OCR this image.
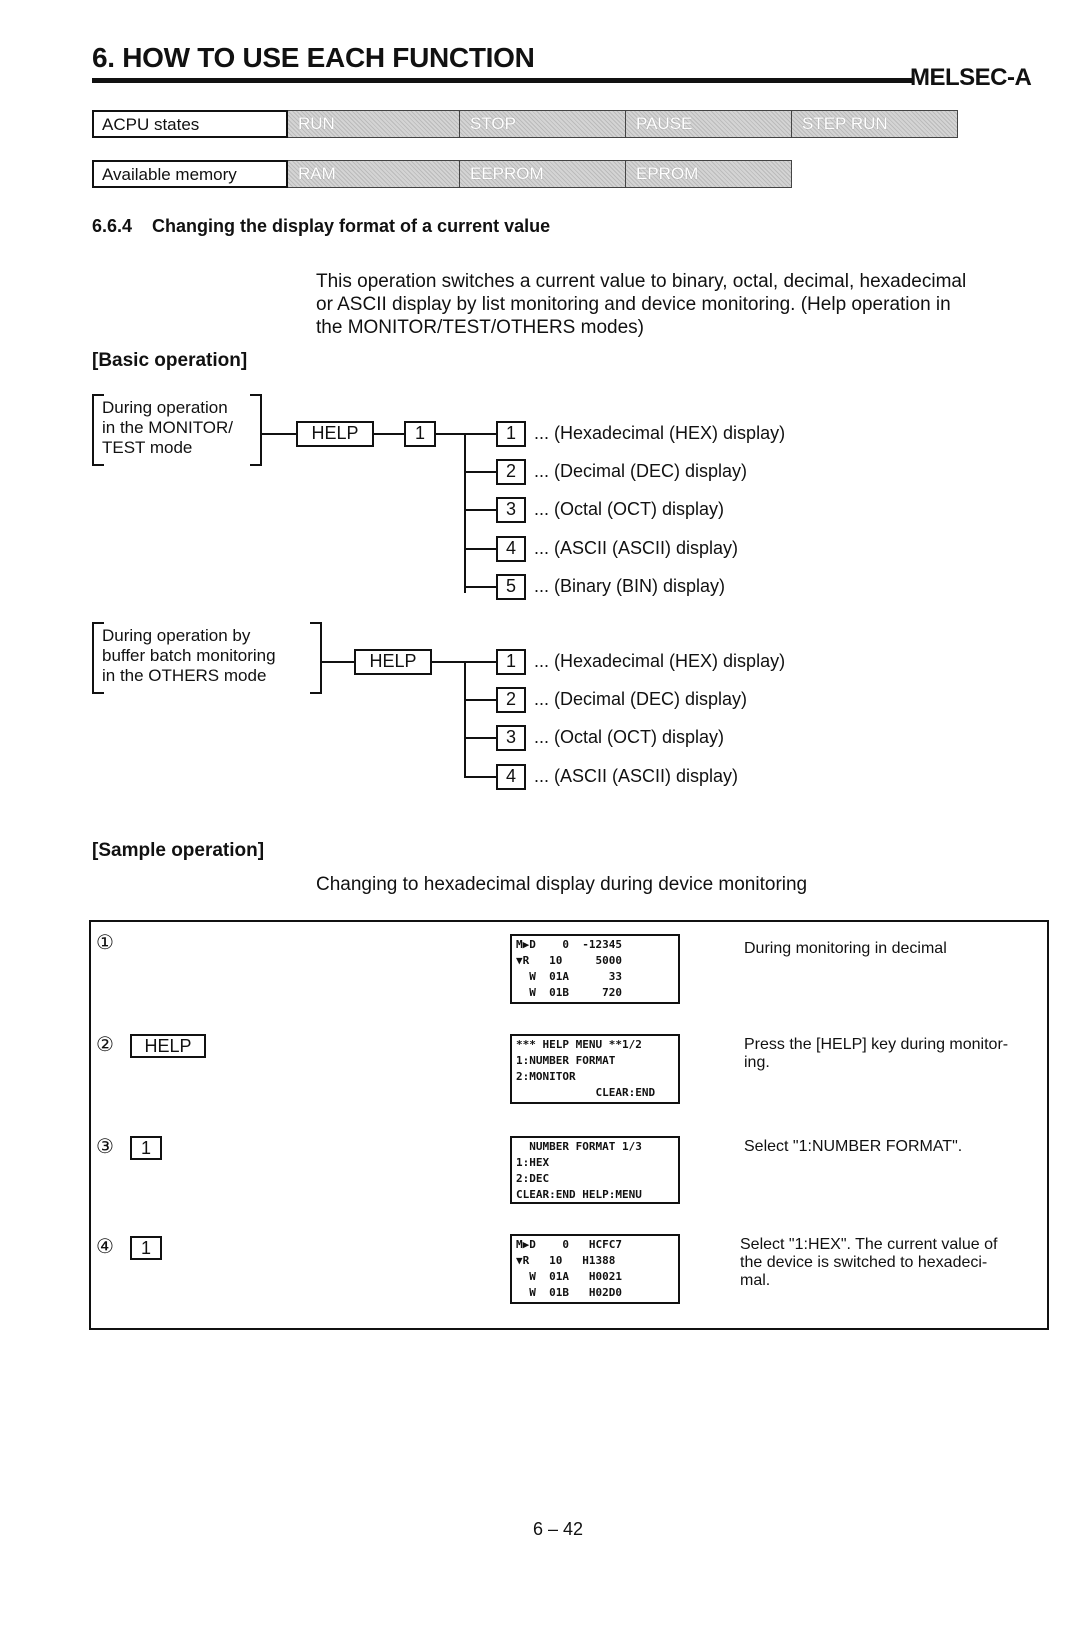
6. HOW TO USE EACH FUNCTION
MELSEC-A
ACPU states	RUN	STOP	PAUSE	STEP RUN
Available memory	RAM	EEPROM	EPROM
6.6.4    Changing the display format of a current value
This operation switches a current value to binary, octal, decimal, hexadecimal
or ASCII display by list monitoring and device monitoring. (Help operation in
the MONITOR/TEST/OTHERS modes)
[Basic operation]
During operation
in the MONITOR/
TEST mode
HELP	1	1	... (Hexadecimal (HEX) display)
2	... (Decimal (DEC) display)
3	... (Octal (OCT) display)
4	... (ASCII (ASCII) display)
5	... (Binary (BIN) display)
During operation by
buffer batch monitoring
in the OTHERS mode
HELP	1	... (Hexadecimal (HEX) display)
2	... (Decimal (DEC) display)
3	... (Octal (OCT) display)
4	... (ASCII (ASCII) display)
[Sample operation]
Changing to hexadecimal display during device monitoring
①	M▶D    0  -12345
▼R   10     5000
W  01A      33
W  01B     720
During monitoring in decimal
②	HELP	*** HELP MENU **1/2
1:NUMBER FORMAT
2:MONITOR
CLEAR:END
Press the [HELP] key during monitor-
ing.
③	1	NUMBER FORMAT 1/3
1:HEX
2:DEC
CLEAR:END HELP:MENU
Select "1:NUMBER FORMAT".
④	1	M▶D    0   HCFC7
▼R   10   H1388
W  01A   H0021
W  01B   H02D0
Select "1:HEX". The current value of
the device is switched to hexadeci-
mal.
6 – 42
